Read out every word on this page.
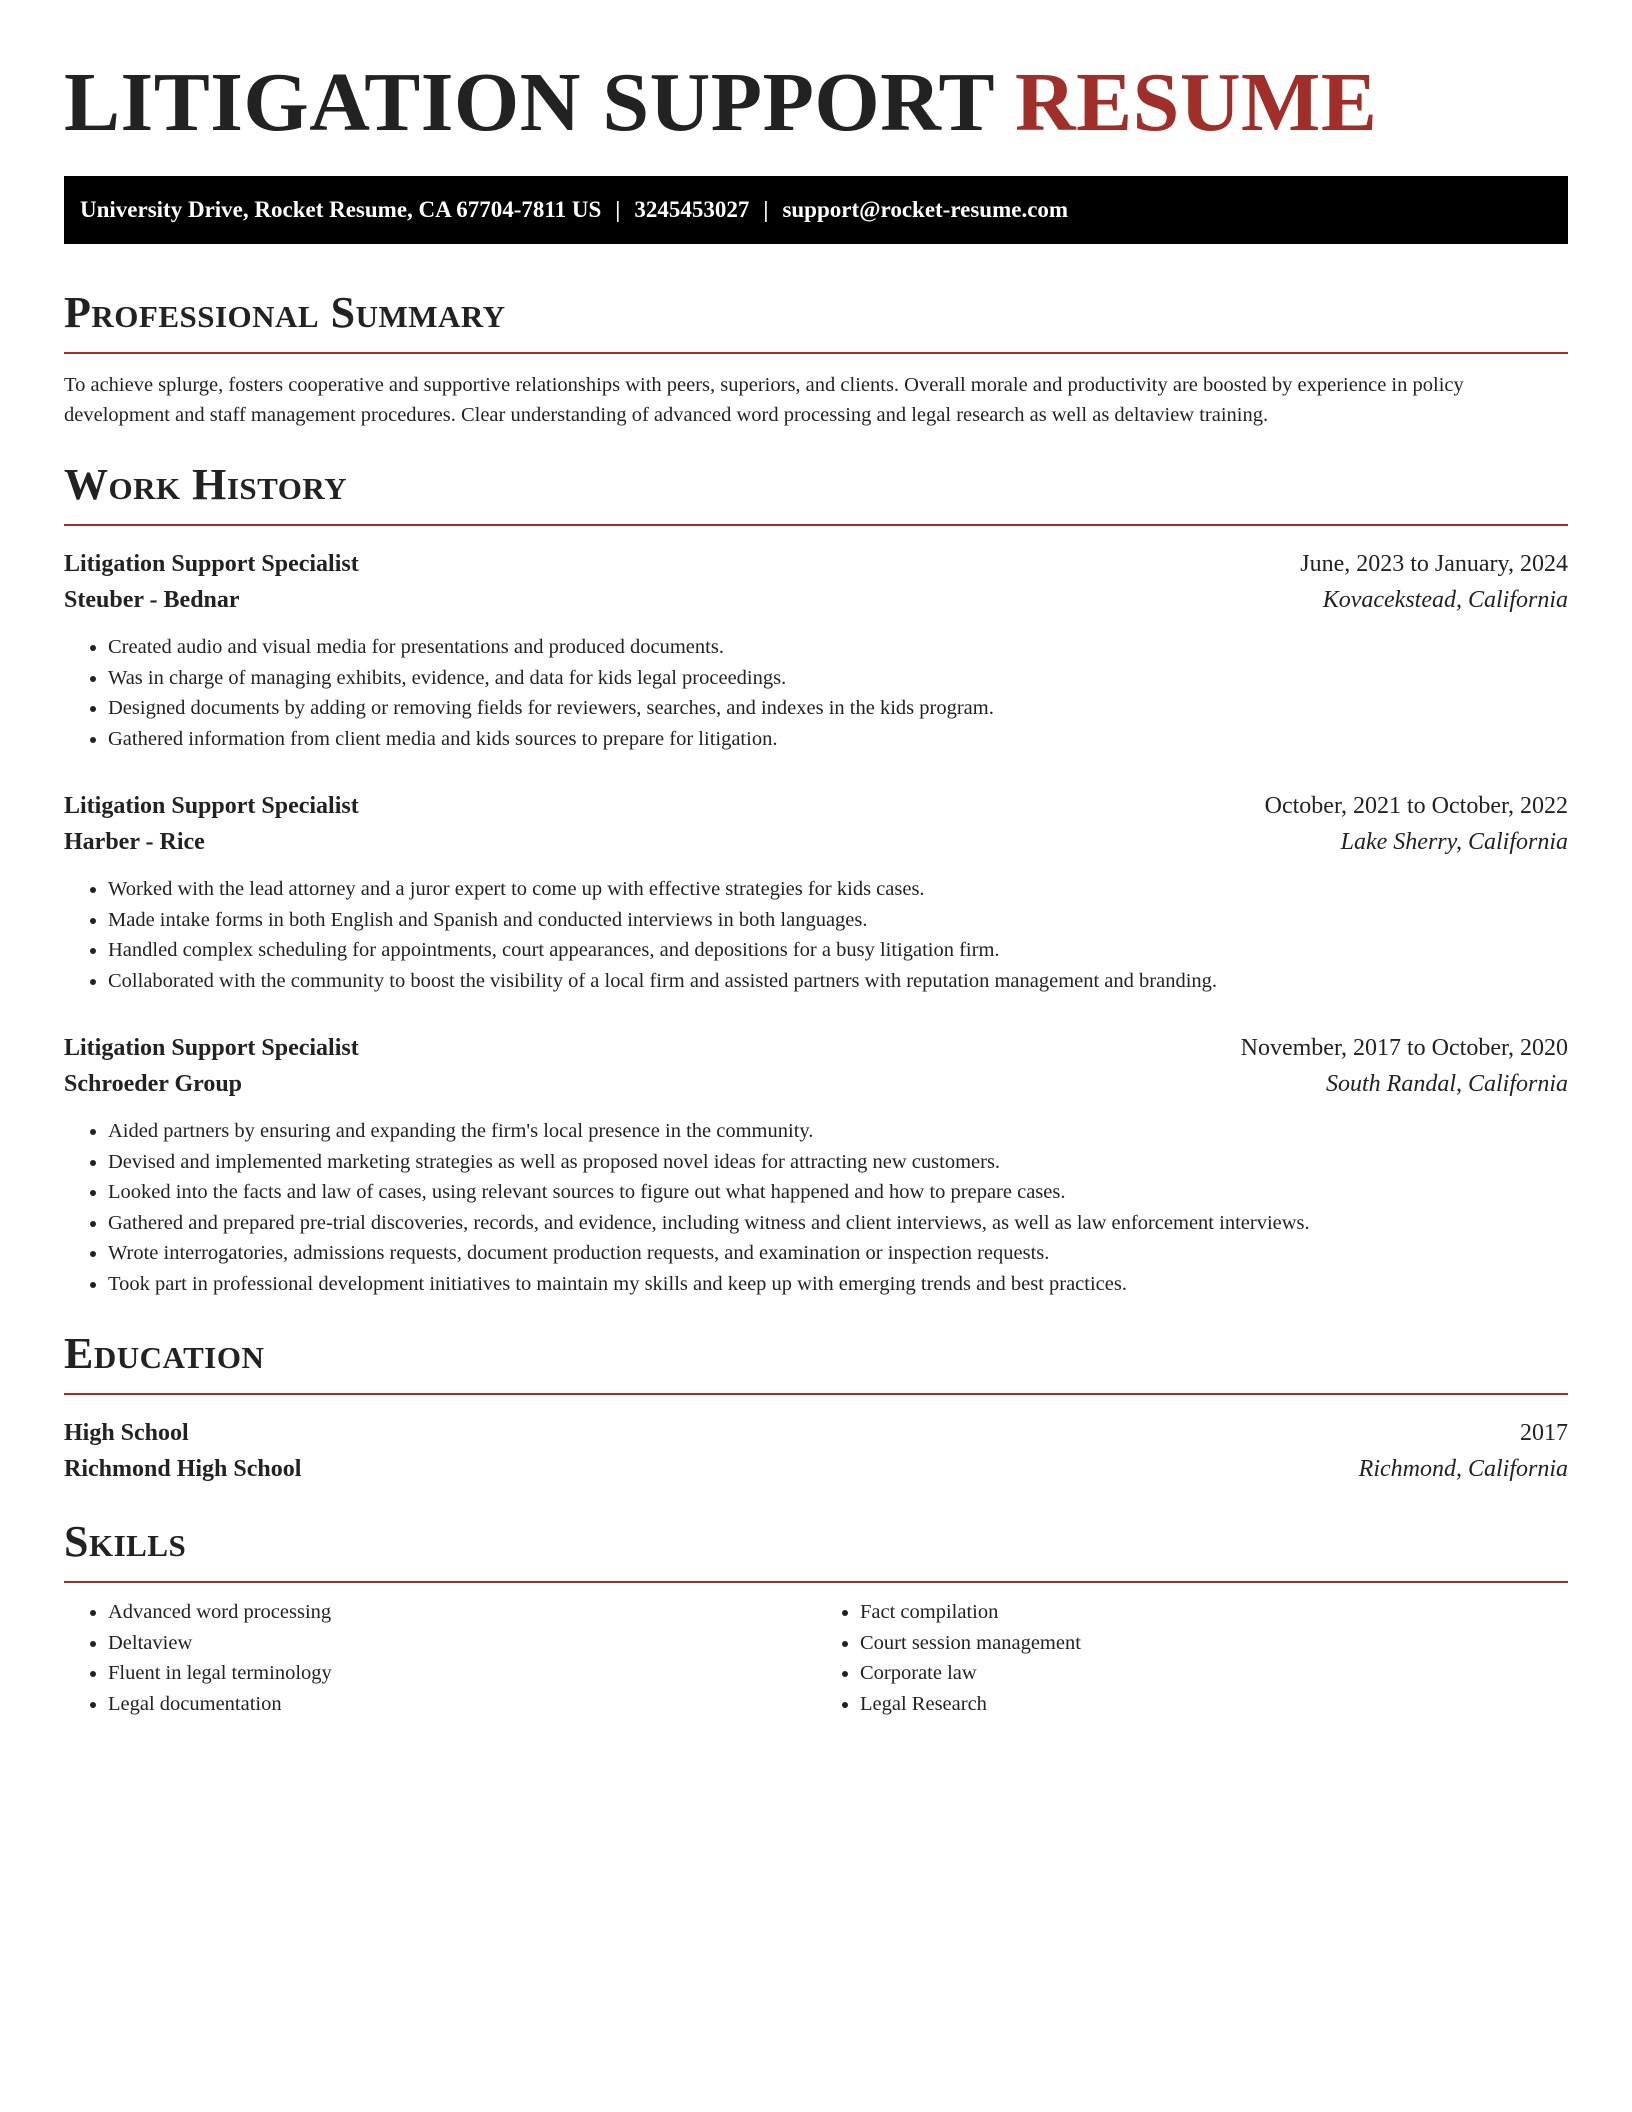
LITIGATION SUPPORT RESUME
University Drive, Rocket Resume, CA 67704-7811 US | 3245453027 | support@rocket-resume.com
Professional Summary

To achieve splurge, fosters cooperative and supportive relationships with peers, superiors, and clients. Overall morale and productivity are boosted by experience in policy development and staff management procedures. Clear understanding of advanced word processing and legal research as well as deltaview training.

Work History
Litigation Support Specialist	June, 2023 to January, 2024
Steuber - Bednar	Kovacekstead, California
• Created audio and visual media for presentations and produced documents.
• Was in charge of managing exhibits, evidence, and data for kids legal proceedings.
• Designed documents by adding or removing fields for reviewers, searches, and indexes in the kids program.
• Gathered information from client media and kids sources to prepare for litigation.
Litigation Support Specialist	October, 2021 to October, 2022
Harber - Rice	Lake Sherry, California
• Worked with the lead attorney and a juror expert to come up with effective strategies for kids cases.
• Made intake forms in both English and Spanish and conducted interviews in both languages.
• Handled complex scheduling for appointments, court appearances, and depositions for a busy litigation firm.
• Collaborated with the community to boost the visibility of a local firm and assisted partners with reputation management and branding.
Litigation Support Specialist	November, 2017 to October, 2020
Schroeder Group	South Randal, California
• Aided partners by ensuring and expanding the firm's local presence in the community.
• Devised and implemented marketing strategies as well as proposed novel ideas for attracting new customers.
• Looked into the facts and law of cases, using relevant sources to figure out what happened and how to prepare cases.
• Gathered and prepared pre-trial discoveries, records, and evidence, including witness and client interviews, as well as law enforcement interviews.
• Wrote interrogatories, admissions requests, document production requests, and examination or inspection requests.
• Took part in professional development initiatives to maintain my skills and keep up with emerging trends and best practices.
Education
High School	2017
Richmond High School	Richmond, California
Skills
• Advanced word processing
• Deltaview
• Fluent in legal terminology
• Legal documentation
• Fact compilation
• Court session management
• Corporate law
• Legal Research
